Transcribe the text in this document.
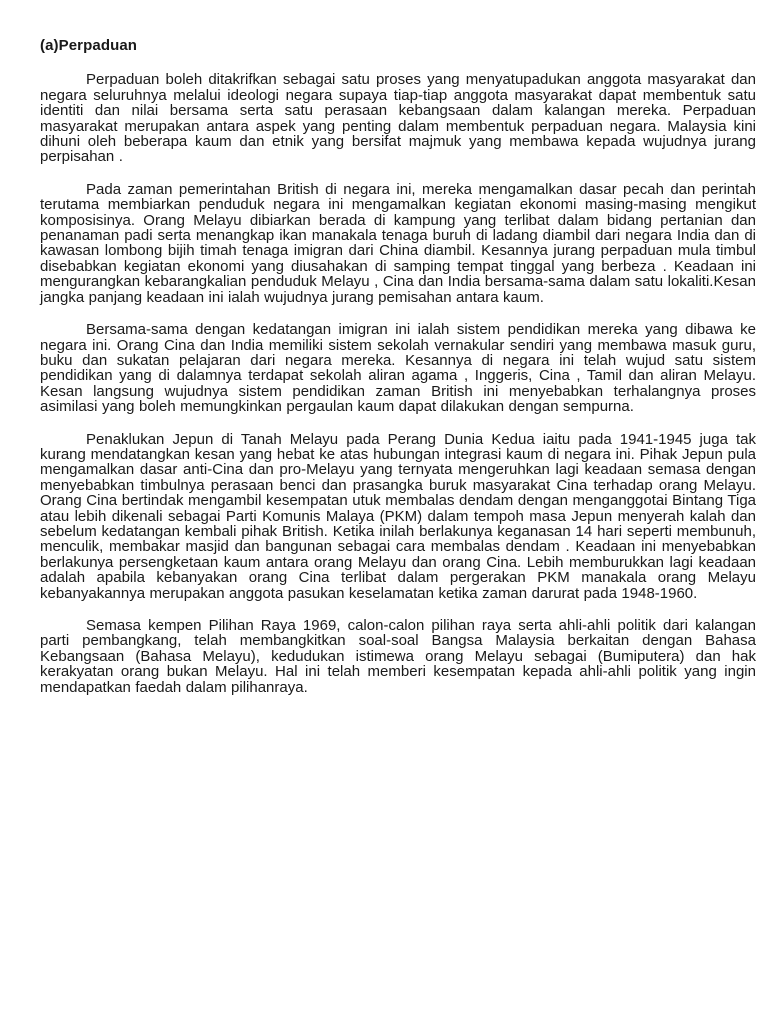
(a)Perpaduan

Perpaduan boleh ditakrifkan sebagai satu proses yang menyatupadukan anggota masyarakat dan negara seluruhnya melalui ideologi negara supaya tiap-tiap anggota masyarakat dapat membentuk satu identiti dan nilai bersama serta satu perasaan kebangsaan dalam kalangan mereka. Perpaduan masyarakat merupakan antara aspek yang penting dalam membentuk perpaduan negara. Malaysia kini dihuni oleh beberapa kaum dan etnik yang bersifat majmuk yang membawa kepada wujudnya jurang perpisahan .

Pada zaman pemerintahan British di negara ini, mereka mengamalkan dasar pecah dan perintah terutama membiarkan penduduk negara ini mengamalkan kegiatan ekonomi masing-masing mengikut komposisinya. Orang Melayu dibiarkan berada di kampung yang terlibat dalam bidang pertanian dan penanaman padi serta menangkap ikan manakala tenaga buruh di ladang diambil dari negara India dan di kawasan lombong bijih timah tenaga imigran dari China diambil. Kesannya jurang perpaduan mula timbul disebabkan kegiatan ekonomi yang diusahakan di samping tempat tinggal yang berbeza . Keadaan ini mengurangkan kebarangkalian penduduk Melayu , Cina dan India bersama-sama dalam satu lokaliti.Kesan jangka panjang keadaan ini ialah wujudnya jurang pemisahan antara kaum.

Bersama-sama dengan kedatangan imigran ini ialah sistem pendidikan mereka yang dibawa ke negara ini. Orang Cina dan India memiliki sistem sekolah vernakular sendiri yang membawa masuk guru, buku dan sukatan pelajaran dari negara mereka. Kesannya di negara ini telah wujud satu sistem pendidikan yang di dalamnya terdapat sekolah aliran agama , Inggeris, Cina , Tamil dan aliran Melayu. Kesan langsung wujudnya sistem pendidikan zaman British ini menyebabkan terhalangnya proses asimilasi yang boleh memungkinkan pergaulan kaum dapat dilakukan dengan sempurna.

Penaklukan Jepun di Tanah Melayu pada Perang Dunia Kedua iaitu pada 1941-1945 juga tak kurang mendatangkan kesan yang hebat ke atas hubungan integrasi kaum di negara ini. Pihak Jepun pula mengamalkan dasar anti-Cina dan pro-Melayu yang ternyata mengeruhkan lagi keadaan semasa dengan menyebabkan timbulnya perasaan benci dan prasangka buruk masyarakat Cina terhadap orang Melayu. Orang Cina bertindak mengambil kesempatan utuk membalas dendam dengan menganggotai Bintang Tiga atau lebih dikenali sebagai Parti Komunis Malaya (PKM) dalam tempoh masa Jepun menyerah kalah dan sebelum kedatangan kembali pihak British. Ketika inilah berlakunya keganasan 14 hari seperti membunuh, menculik, membakar masjid dan bangunan sebagai cara membalas dendam . Keadaan ini menyebabkan berlakunya persengketaan kaum antara orang Melayu dan orang Cina. Lebih memburukkan lagi keadaan adalah apabila kebanyakan orang Cina terlibat dalam pergerakan PKM manakala orang Melayu kebanyakannya merupakan anggota pasukan keselamatan ketika zaman darurat pada 1948-1960.

Semasa kempen Pilihan Raya 1969, calon-calon pilihan raya serta ahli-ahli politik dari kalangan parti pembangkang, telah membangkitkan soal-soal Bangsa Malaysia berkaitan dengan Bahasa Kebangsaan (Bahasa Melayu), kedudukan istimewa orang Melayu sebagai (Bumiputera) dan hak kerakyatan orang bukan Melayu. Hal ini telah memberi kesempatan kepada ahli-ahli politik yang ingin mendapatkan faedah dalam pilihanraya.
